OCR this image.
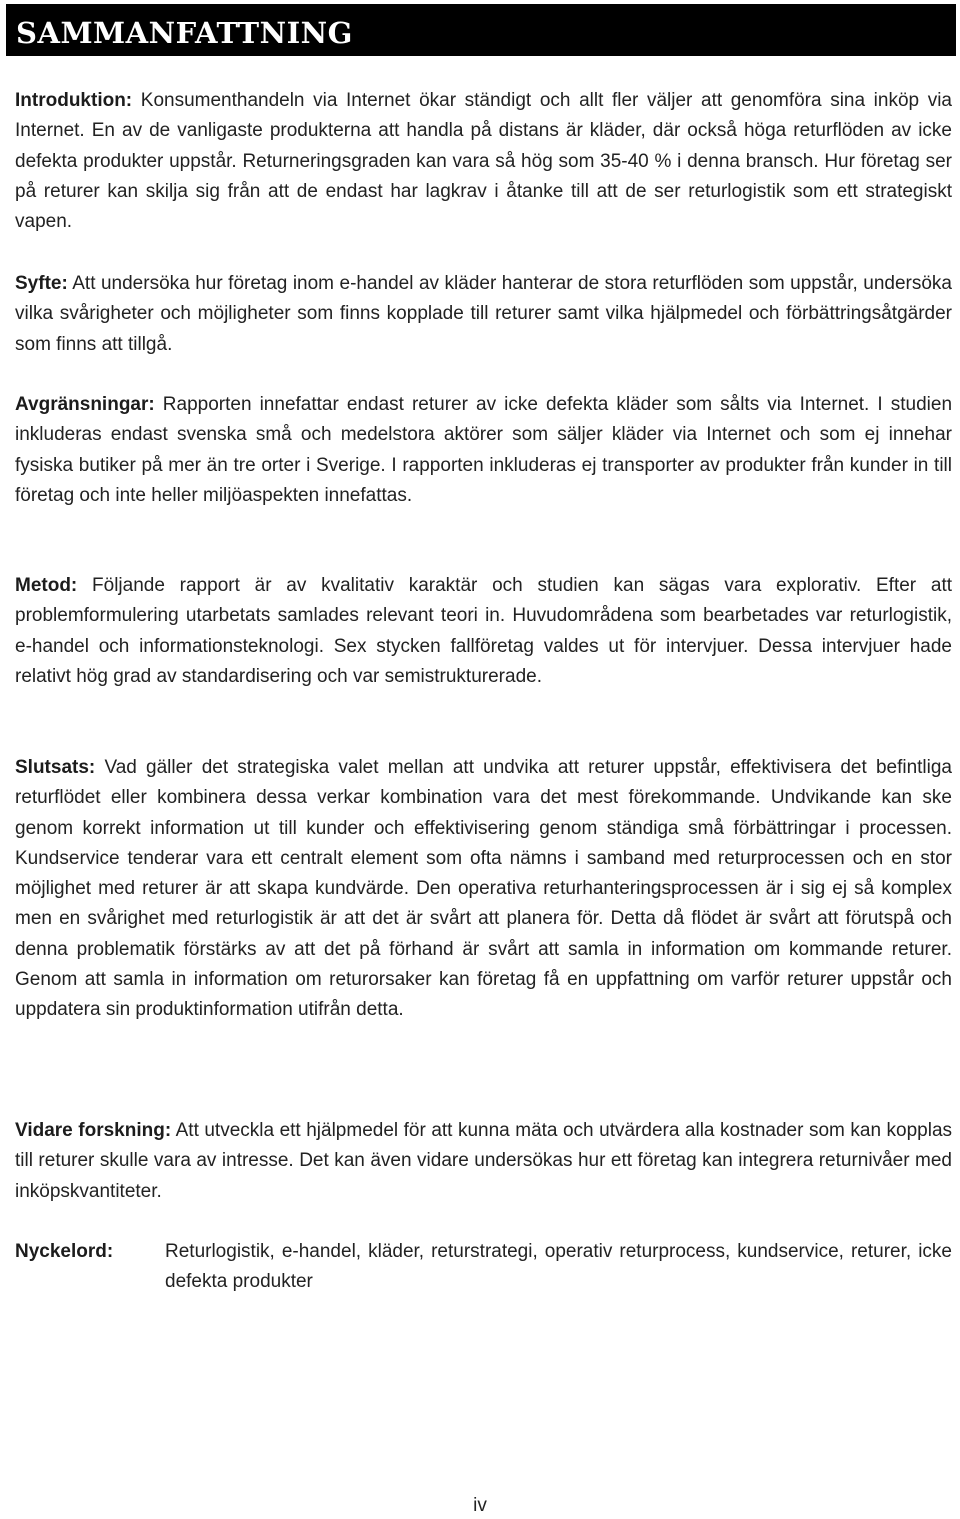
SAMMANFATTNING

Introduktion: Konsumenthandeln via Internet ökar ständigt och allt fler väljer att genomföra sina inköp via Internet. En av de vanligaste produkterna att handla på distans är kläder, där också höga returflöden av icke defekta produkter uppstår. Returneringsgraden kan vara så hög som 35-40 % i denna bransch. Hur företag ser på returer kan skilja sig från att de endast har lagkrav i åtanke till att de ser returlogistik som ett strategiskt vapen.

Syfte: Att undersöka hur företag inom e-handel av kläder hanterar de stora returflöden som uppstår, undersöka vilka svårigheter och möjligheter som finns kopplade till returer samt vilka hjälpmedel och förbättringsåtgärder som finns att tillgå.

Avgränsningar: Rapporten innefattar endast returer av icke defekta kläder som sålts via Internet. I studien inkluderas endast svenska små och medelstora aktörer som säljer kläder via Internet och som ej innehar fysiska butiker på mer än tre orter i Sverige. I rapporten inkluderas ej transporter av produkter från kunder in till företag och inte heller miljöaspekten innefattas.

Metod: Följande rapport är av kvalitativ karaktär och studien kan sägas vara explorativ. Efter att problemformulering utarbetats samlades relevant teori in. Huvudområdena som bearbetades var returlogistik, e-handel och informationsteknologi. Sex stycken fallföretag valdes ut för intervjuer. Dessa intervjuer hade relativt hög grad av standardisering och var semistrukturerade.

Slutsats: Vad gäller det strategiska valet mellan att undvika att returer uppstår, effektivisera det befintliga returflödet eller kombinera dessa verkar kombination vara det mest förekommande. Undvikande kan ske genom korrekt information ut till kunder och effektivisering genom ständiga små förbättringar i processen. Kundservice tenderar vara ett centralt element som ofta nämns i samband med returprocessen och en stor möjlighet med returer är att skapa kundvärde. Den operativa returhanteringsprocessen är i sig ej så komplex men en svårighet med returlogistik är att det är svårt att planera för. Detta då flödet är svårt att förutspå och denna problematik förstärks av att det på förhand är svårt att samla in information om kommande returer. Genom att samla in information om returorsaker kan företag få en uppfattning om varför returer uppstår och uppdatera sin produktinformation utifrån detta.

Vidare forskning: Att utveckla ett hjälpmedel för att kunna mäta och utvärdera alla kostnader som kan kopplas till returer skulle vara av intresse. Det kan även vidare undersökas hur ett företag kan integrera returnivåer med inköpskvantiteter.

Nyckelord:	Returlogistik, e-handel, kläder, returstrategi, operativ returprocess, kundservice, returer, icke defekta produkter
iv
